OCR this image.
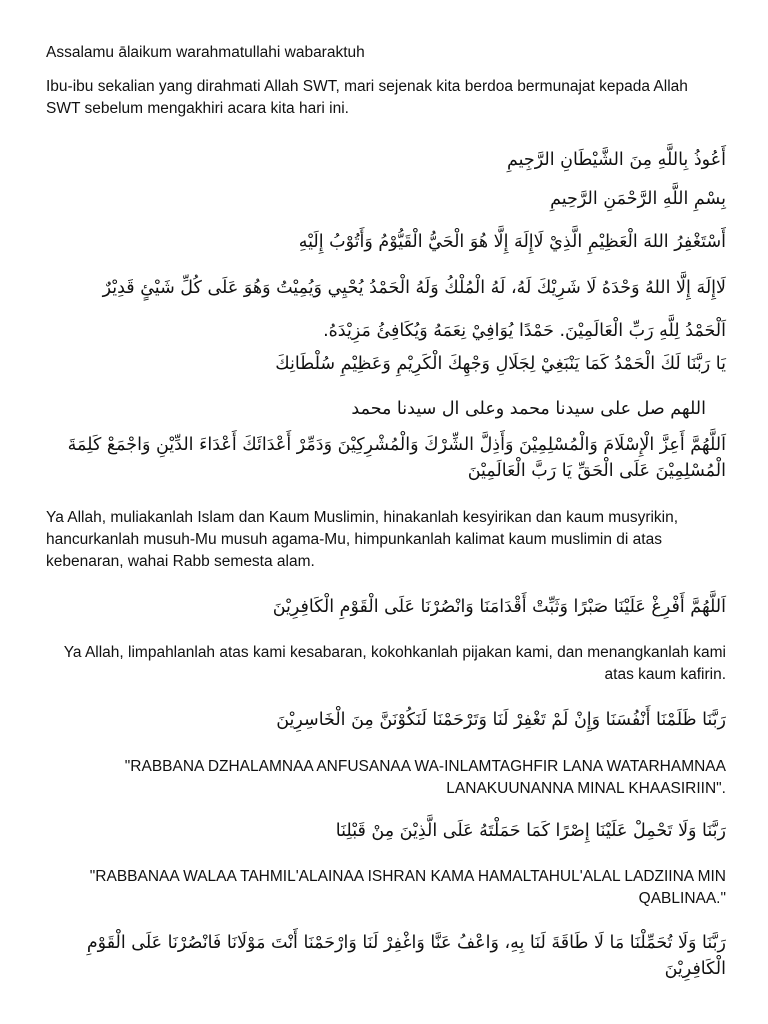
Assalamu ālaikum warahmatullahi wabaraktuh

Ibu-ibu sekalian yang dirahmati Allah SWT, mari sejenak kita berdoa bermunajat kepada Allah SWT sebelum mengakhiri acara kita hari ini.

أَعُوذُ بِاللَّهِ مِنَ الشَّيْطَانِ الرَّجِيمِ

بِسْمِ اللَّهِ الرَّحْمَنِ الرَّحِيمِ

أَسْتَغْفِرُ اللهَ الْعَظِيْمِ الَّذِيْ لَاإِلَهَ إِلَّا هُوَ الْحَيُّ الْقَيُّوْمُ وَأَتُوْبُ إِلَيْهِ

لَاإِلَهَ إِلَّا اللهُ وَحْدَهُ لَا شَرِيْكَ لَهُ، لَهُ الْمُلْكُ وَلَهُ الْحَمْدُ يُحْيِي وَيُمِيْتُ وَهُوَ عَلَى كُلِّ شَيْئٍ قَدِيْرٌ

اَلْحَمْدُ لِلَّهِ رَبِّ الْعَالَمِيْنَ. حَمْدًا يُوَافِيْ نِعَمَهُ وَيُكَافِئُ مَزِيْدَهُ.

يَا رَبَّنَا لَكَ الْحَمْدُ كَمَا يَنْبَغِيْ لِجَلَالِ وَجْهِكَ الْكَرِيْمِ وَعَظِيْمِ سُلْطَانِكَ

اللهم صل على سيدنا محمد وعلى ال سيدنا محمد

اَللَّهُمَّ أَعِزَّ الْإِسْلَامَ وَالْمُسْلِمِيْنَ وَأَذِلَّ الشِّرْكَ وَالْمُشْرِكِيْنَ وَدَمِّرْ أَعْدَائَكَ أَعْدَاءَ الدِّيْنِ وَاجْمَعْ كَلِمَةَ الْمُسْلِمِيْنَ عَلَى الْحَقِّ يَا رَبَّ الْعَالَمِيْنَ

Ya Allah, muliakanlah Islam dan Kaum Muslimin, hinakanlah kesyirikan dan kaum musyrikin, hancurkanlah musuh-Mu musuh agama-Mu, himpunkanlah kalimat kaum muslimin di atas kebenaran, wahai Rabb semesta alam.

اَللَّهُمَّ أَفْرِغْ عَلَيْنَا صَبْرًا وَثَبِّتْ أَقْدَامَنَا وَانْصُرْنَا عَلَى الْقَوْمِ الْكَافِرِيْنَ

Ya Allah, limpahlanlah atas kami kesabaran, kokohkanlah pijakan kami, dan menangkanlah kami atas kaum kafirin.

رَبَّنَا ظَلَمْنَا أَنْفُسَنَا وَإِنْ لَمْ تَغْفِرْ لَنَا وَتَرْحَمْنَا لَنَكُوْنَنَّ مِنَ الْخَاسِرِيْنَ

"RABBANA DZHALAMNAA ANFUSANAA WA-INLAMTAGHFIR LANA WATARHAMNAA LANAKUUNANNA MINAL KHAASIRIIN".

رَبَّنَا وَلَا تَحْمِلْ عَلَيْنَا إِصْرًا كَمَا حَمَلْتَهُ عَلَى الَّذِيْنَ مِنْ قَبْلِنَا

"RABBANAA WALAA TAHMIL'ALAINAA ISHRAN KAMA HAMALTAHUL'ALAL LADZIINA MIN QABLINAA."

رَبَّنَا وَلَا تُحَمِّلْنَا مَا لَا طَاقَةَ لَنَا بِهِ، وَاعْفُ عَنَّا وَاغْفِرْ لَنَا وَارْحَمْنَا أَنْتَ مَوْلَانَا فَانْصُرْنَا عَلَى الْقَوْمِ الْكَافِرِيْنَ
